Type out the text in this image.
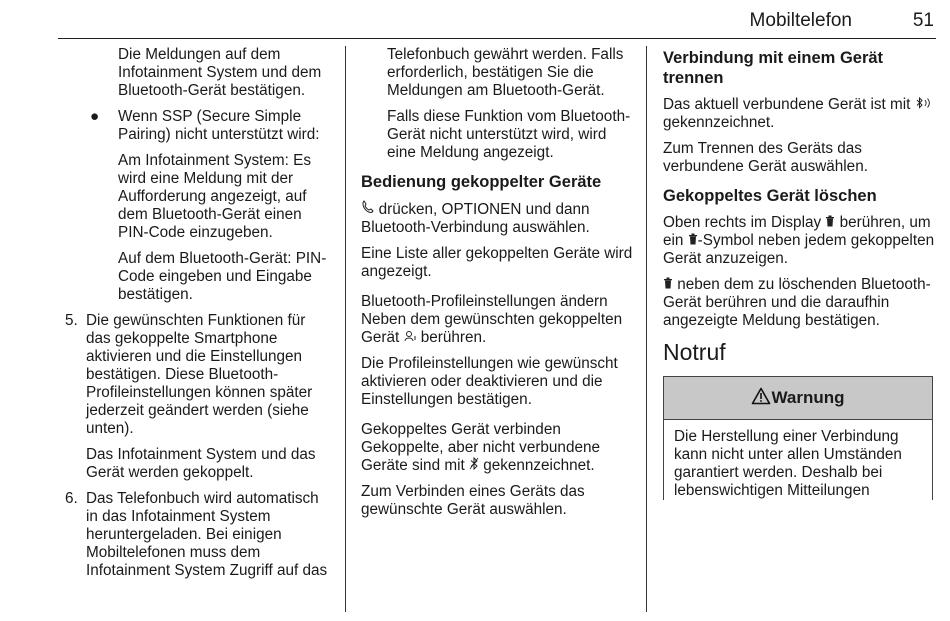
Mobiltelefon	51

Die Meldungen auf dem Infotainment System und dem Bluetooth-Gerät bestätigen.

● Wenn SSP (Secure Simple Pairing) nicht unterstützt wird:

Am Infotainment System: Es wird eine Meldung mit der Aufforderung angezeigt, auf dem Bluetooth-Gerät einen PIN-Code einzugeben.

Auf dem Bluetooth-Gerät: PIN-Code eingeben und Eingabe bestätigen.

5. Die gewünschten Funktionen für das gekoppelte Smartphone aktivieren und die Einstellungen bestätigen. Diese Bluetooth-Profileinstellungen können später jederzeit geändert werden (siehe unten).

Das Infotainment System und das Gerät werden gekoppelt.

6. Das Telefonbuch wird automatisch in das Infotainment System heruntergeladen. Bei einigen Mobiltelefonen muss dem Infotainment System Zugriff auf das

Telefonbuch gewährt werden. Falls erforderlich, bestätigen Sie die Meldungen am Bluetooth-Gerät.

Falls diese Funktion vom Bluetooth-Gerät nicht unterstützt wird, wird eine Meldung angezeigt.

Bedienung gekoppelter Geräte

drücken, OPTIONEN und dann Bluetooth-Verbindung auswählen.

Eine Liste aller gekoppelten Geräte wird angezeigt.

Bluetooth-Profileinstellungen ändern

Neben dem gewünschten gekoppelten Gerät  berühren.

Die Profileinstellungen wie gewünscht aktivieren oder deaktivieren und die Einstellungen bestätigen.

Gekoppeltes Gerät verbinden

Gekoppelte, aber nicht verbundene Geräte sind mit  gekennzeichnet.

Zum Verbinden eines Geräts das gewünschte Gerät auswählen.

Verbindung mit einem Gerät trennen

Das aktuell verbundene Gerät ist mit  gekennzeichnet.

Zum Trennen des Geräts das verbundene Gerät auswählen.

Gekoppeltes Gerät löschen

Oben rechts im Display  berühren, um ein -Symbol neben jedem gekoppelten Gerät anzuzeigen.

neben dem zu löschenden Bluetooth-Gerät berühren und die daraufhin angezeigte Meldung bestätigen.

Notruf
Warnung
Die Herstellung einer Verbindung kann nicht unter allen Umständen garantiert werden. Deshalb bei lebenswichtigen Mitteilungen
